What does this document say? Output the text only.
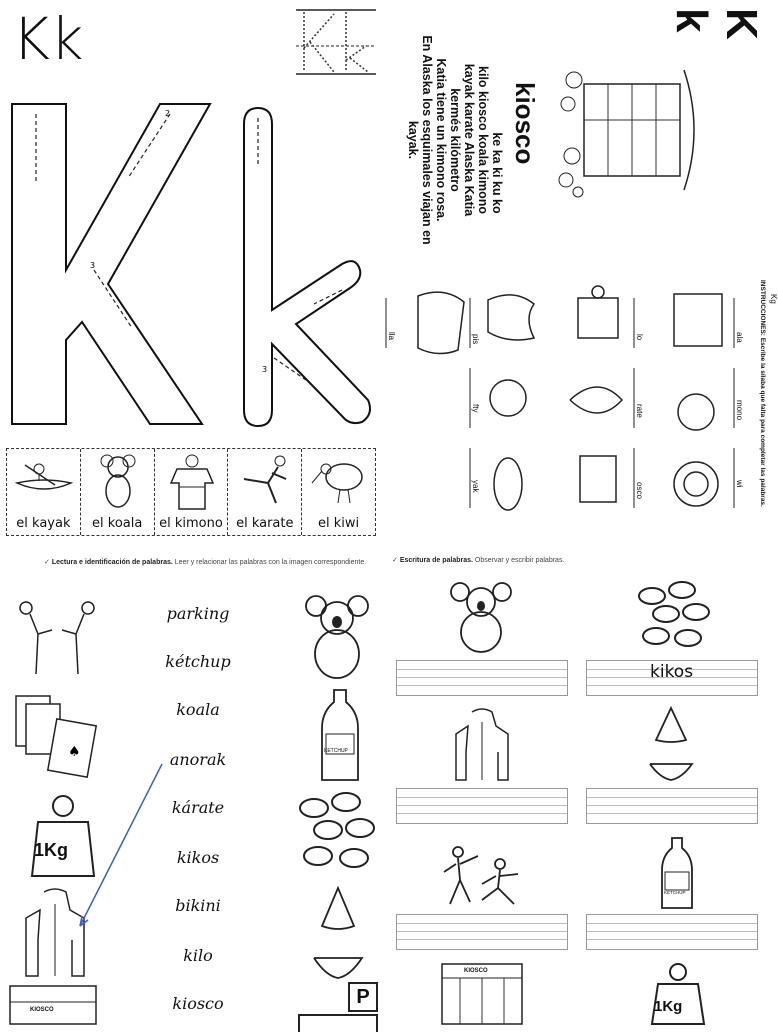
Kk
2
3
3
el kayak	el koala	el kimono	el karate	el kiwi
K k
kiosco
ke ka ki ku ko
kilo kiosco koala kimono
kayak karate Alaska Katia
kermés kilómetro
Katia tiene un kimono rosa.
En Alaska los esquimales viajan en
kayak.
INSTRUCCIONES: Escribe la sílaba que falta para completar las palabras. Kg
ala
mono
wi
lo
rate
osco
pis
fty
yak
lla
✓ Lectura e identificación de palabras. Leer y relacionar las palabras con la imagen correspondiente.
♠
1Kg
KIOSCO
parking
kétchup
koala
anorak
kárate
kikos
bikini
kilo
kiosco
KETCHUP
P
✓ Escritura de palabras. Observar y escribir palabras.
KETCHUP
KIOSCO
1Kg
kikos
